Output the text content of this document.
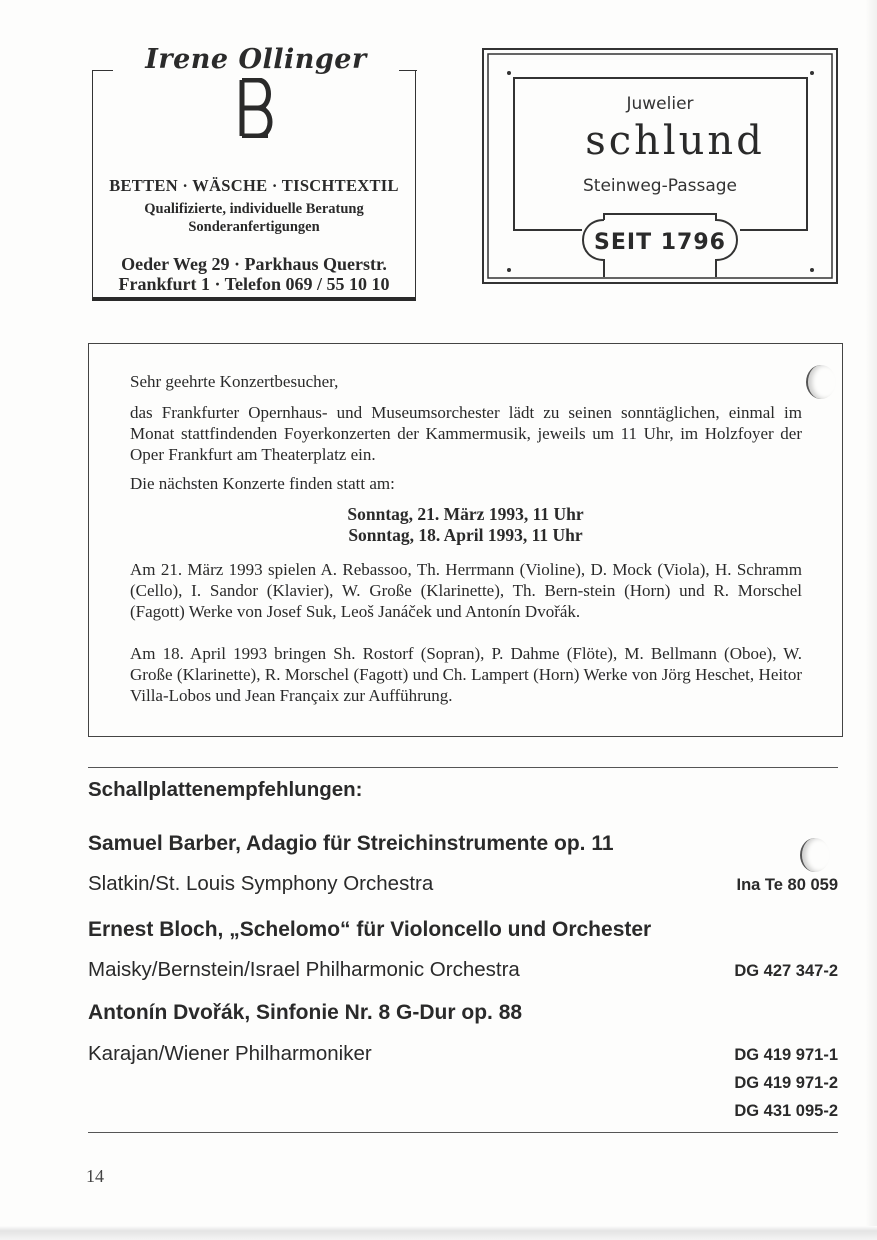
Irene Ollinger
BETTEN · WÄSCHE · TISCHTEXTIL
Qualifizierte, individuelle Beratung
Sonderanfertigungen
Oeder Weg 29 · Parkhaus Querstr.
Frankfurt 1 · Telefon 069 / 55 10 10
Juwelier
schlund
Steinweg-Passage
SEIT 1796

Sehr geehrte Konzertbesucher,

das Frankfurter Opernhaus- und Museumsorchester lädt zu seinen sonntäglichen, einmal im Monat stattfindenden Foyerkonzerten der Kammermusik, jeweils um 11 Uhr, im Holzfoyer der Oper Frankfurt am Theaterplatz ein.

Die nächsten Konzerte finden statt am:

Sonntag, 21. März 1993, 11 Uhr
Sonntag, 18. April 1993, 11 Uhr

Am 21. März 1993 spielen A. Rebassoo, Th. Herrmann (Violine), D. Mock (Viola), H. Schramm (Cello), I. Sandor (Klavier), W. Große (Klarinette), Th. Bern-stein (Horn) und R. Morschel (Fagott) Werke von Josef Suk, Leoš Janáček und Antonín Dvořák.

Am 18. April 1993 bringen Sh. Rostorf (Sopran), P. Dahme (Flöte), M. Bellmann (Oboe), W. Große (Klarinette), R. Morschel (Fagott) und Ch. Lampert (Horn) Werke von Jörg Heschet, Heitor Villa-Lobos und Jean Françaix zur Aufführung.

Schallplattenempfehlungen:
Samuel Barber, Adagio für Streichinstrumente op. 11
Slatkin/St. Louis Symphony Orchestra	Ina Te 80 059
Ernest Bloch, „Schelomo“ für Violoncello und Orchester
Maisky/Bernstein/Israel Philharmonic Orchestra	DG 427 347-2
Antonín Dvořák, Sinfonie Nr. 8 G-Dur op. 88
Karajan/Wiener Philharmoniker	DG 419 971-1
DG 419 971-2
DG 431 095-2
14
